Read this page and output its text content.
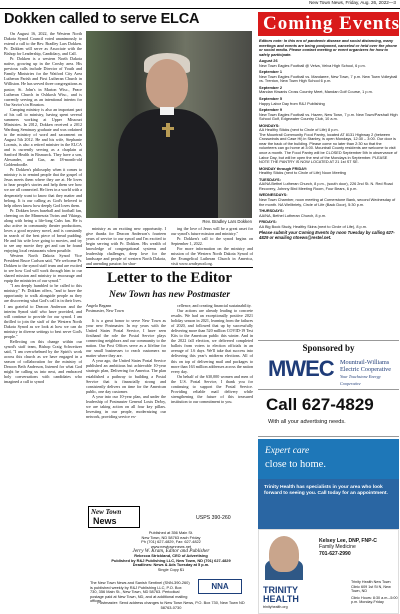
New Town News, Friday, Aug. 26, 2022—3
Dokken called to serve ELCA

On August 16, 2022, the Western North Dakota Synod Council voted unanimously to extend a call to the Rev. Bradley Lars Dokken. Pr. Dokken will serve as Associate with the Bishop for Leadership, Candidacy, and Call.

Pr. Dokken is a western North Dakota native, growing up in the Crosby area. His previous calls include Director of Youth and Family Ministries for the Watford City Area Lutheran Parish and First Lutheran Church in Williston. He has served three congregations as pastor; St. John's in Marion Wisc., Peace Lutheran Church in Oshkosh Wisc., and is currently serving as an intentional interim for Our Savior's in Houston.

Camping ministry is also an important part of his call to ministry, having spent several summers working at Upper Missouri Ministries. In 2012, Dokken received a 2012 Wartburg Seminary graduate and was ordained to the ministry of word and sacrament on August 5th 2012. He and his wife, Stephanie Loomis, is also a retired minister in the ELCA and is currently serving as a chaplain at Sanford Health in Bismarck. They have a son, Alexander, and Gus, an 18-month-old Goldendoodle.

Pr. Dokken's philosophy when it comes to ministry is to remind people that the gospel of Jesus meets them where they are at. He loves to hear people's stories and help them see how we are all connected. He lives in a world with a desperately want to know that they matter and belong. It is our calling as God's beloved to help others know how deeply God loves them.

Pr. Dokken loves baseball and football fan, cheering on the Minnesota Twins and Vikings, along with being a life-long Cubs fan. He is also active in community theater productions, loves a good mystery novel, and is constantly in search of the best piece of bread pudding. He and his wife love going to movies, and try to see any movie they get and can be found enjoying local restaurants when possible.

Western North Dakota Synod Vice President Bruce Carlson said, "We welcome Pr. Dokken to the synod staff team and are excited to see how God will work through him to our shared mission and ministry to encourage and equip the ministries of our synod."

"I am deeply humbled to be called to this ministry," Pr. Dokken offers, "and to have the opportunity to walk alongside people as they are discovering what God's call is in their lives. I am grateful to Deacon Anderson and the interim Synod staff who have provided, and will continue to provide for our synod. I am thrilled to join the staff of the Western North Dakota Synod as we look at how we can do ministry in diverse settings to best serve God's people."

Reflecting on this change within our synod's staff team, Bishop Craig Schweitzer said, "I am overwhelmed by the Spirit's work across this church as we have engaged in a season of collaboration for the ministry of Deacon Beth Anderson, listened for what God might be calling us into next, and embraced holy conversations with candidates who imagined a call to synod

Rev. Bradley Lars Dokken

ministry as an exciting new opportunity. I give thanks for Deacon Anderson's fourteen years of service to our synod and I'm excited to begin serving with Pr. Dokken. His wealth of knowledge of congregational systems and leadership challenges, deep love for the landscape and people of western North Dakota, and unending passion for shar-

ing the love of Jesus will be a great asset for our synod's future mission and ministry."

Pr. Dokken's call to the synod begins on September 1, 2022.

For more information on the ministry and mission of the Western North Dakota Synod of the Evangelical Lutheran Church in America, visit www.wndsynod.org.

Letter to the Editor
New Town has new Postmaster
Angela Begann
Postmaster, New Town

It is a great honor to serve New Town as your new Postmaster. In my years with the United States Postal Service, I have seen firsthand the role the Postal Service plays connecting neighbors and our community to the nation. Our Post Offices serve as a lifeline for our small businesses to reach customers no matter where they are.

A year ago, the United States Postal Service published an ambitious but achievable 10-year strategic plan, Delivering for America. The plan established a pathway to building a Postal Service that is financially strong and consistently delivers on time for the American public, one day customer.

A year into our 10-year plan, and under the leadership of Postmaster General Louis DeJoy, we are taking action on all four key pillars. Investing in our people, modernizing our network, providing service ex-

cellence, and creating financial sustainability.

Our actions are already leading to concrete results. We had an exceptionally positive 2021 holiday season in 2021, learning from the failures of 2020, and followed that up by successfully delivering more than 520 million COVID-19 Test Kits to the American public this winter. And in the 2022 fall election, we delivered completed ballots from voters to election officials in an average of 1.6 days. We'll take that success into delivering this year's midterm elections. All of this on top of delivering mail and packages to more than 163 million addresses across the nation every day.

On behalf of the 630,000 women and men of the U.S. Postal Service, I thank you for continuing to support the Postal Service. Providing reliable mail delivery while strengthening the future of this treasured institution to our commitment to you.

New Town
News	USPS 390-260
Published at 356 Main St.
New Town, ND 58763 each Friday
Ph (701) 627-4829, Fax: 627-4822
www.newtownnews.net
Jerry W. Kram, Editor and Publisher
Rebecca Strickland, CEO of Advertising
Published by R&J Publishing LLC, New Town, ND (701) 627-4829
Deadlines: News & Ads Tuesday at 5 p.m.
Single Copy $1
The New Town News and Sanish Sentinel (SNN-390-260) is published weekly by R&J Publishing LLC, P.O. Box 730, 356 Main St., New Town, ND 58763. Periodical postage paid at New Town, ND, and at additional mailing offices.
NNA
Postmaster: Send address changes to New Town News, P.O. Box 730, New Town ND 58763-0730
Coming Events
Editors note: In this era of pandemic disease and social distancing, many meetings and events are being postponed, canceled or held over the phone or social media. Please contact meeting or event organizers for how to safely participate.
August 26
New Town Eagles Football @ Velva, Velva High School, 6 p.m.
September 1
New Town Eagles Football vs. Mandaree, New Town, 7 p.m. New Town Volleyball vs. Trenton, New Town High School 6 p.m.
September 2
Mandan Kiwanis Cross Country Meet, Mandan Golf Course, 1 p.m.
September 5
Happy Labor Day from R&J Publishing
September 9
New Town Eagles Football vs. Hazen, New Town, 7 p.m. New Town/Parshall High School Golf, Edgewater Country Club, 10 a.m.
MONDAYS:
AA Healthy Sticks (next to Circle of Life) 8 p.m.
The Mountrail Community Food Pantry, located AT 8131 Highway 2 (between Crosswinds and Case Hi) in Stanley, is open Mondays, 12:30 – 3:00. Our door is near the back of the building. Please come no later than 2:30 so that the volunteers can go home at 3:00. Mountrail County residents are welcome to visit once a month. The Food Pantry will be CLOSED September 5th in observance of Labor Day, but will be open the rest of the Mondays in September. PLEASE NOTE THE PANTRY IS NOW LOCATED AT 21 1st ST SE.
MONDAY through FRIDAY:
Healthy Sticks (next to Circle of Life) Noon Meeting
TUESDAYS:
AA/NA Bethel Lutheran Church, 8 p.m., (south door), 226 2nd St. N. Red Road Recovery, Johnny Bird Meeting Room, Four Bears, 6 p.m.
WEDNESDAYS:
New Town Chamber, noon meeting at Cornerstone Bank, second Wednesday of the month. NA Wellbriety, Circle of Life (Back Door), 5:30 p.m.
THURSDAYS:
AA/NA, Bethel Lutheran Church, 8 p.m.
FRIDAYS:
AA Big Book Study, Healthy Skins (next to Circle of Life), 8 p.m.
Please submit your Coming Events by noon Tuesday by calling 627-4829 or emailing ntnews@restel.net.
Sponsored by
MWEC Mountrail-Williams Electric Cooperative
Your Touchstone Energy Cooperative
Call 627-4829
With all your advertising needs.
Expert care
close to home.

Trinity Health has specialists in your area who look forward to seeing you. Call today for an appointment.

Kelsey Lee, DNP, FNP-C
Family Medicine
701-627-2990
TRINITY HEALTH
trinityhealth.org
Trinity Health New Town Clinic 609 1st St N, New Town, ND
Clinic Hours: 8:30 a.m.–5:00 p.m. Monday-Friday
